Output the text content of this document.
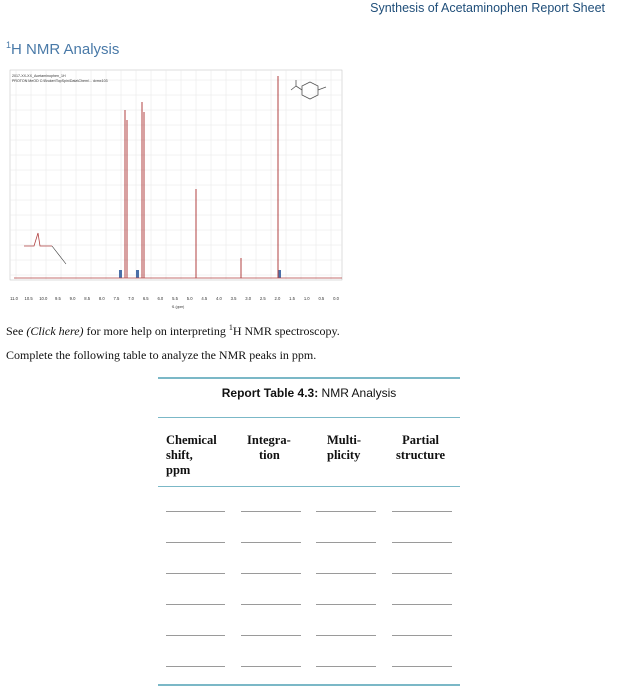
Synthesis of Acetaminophen Report Sheet
$^1$H NMR Analysis
2017-XX-XX_Acetaminophen_1H
PROTON MeOD C:\Bruker\TopSpin\Data\Chem\... dvmx103
11.0 10.5 10.0 9.5 9.0 8.5 8.0 7.5 7.0 6.5 6.0 5.5 5.0 4.5 4.0 3.5 3.0 2.5 2.0 1.5 1.0 0.5 0.0
f1 (ppm)
See (Click here) for more help on interpreting $^1$H NMR spectroscopy.
Complete the following table to analyze the NMR peaks in ppm.
Report Table 4.3: NMR Analysis
Chemical
shift,
ppm
Integra-
tion
Multi-
plicity
Partial
structure
